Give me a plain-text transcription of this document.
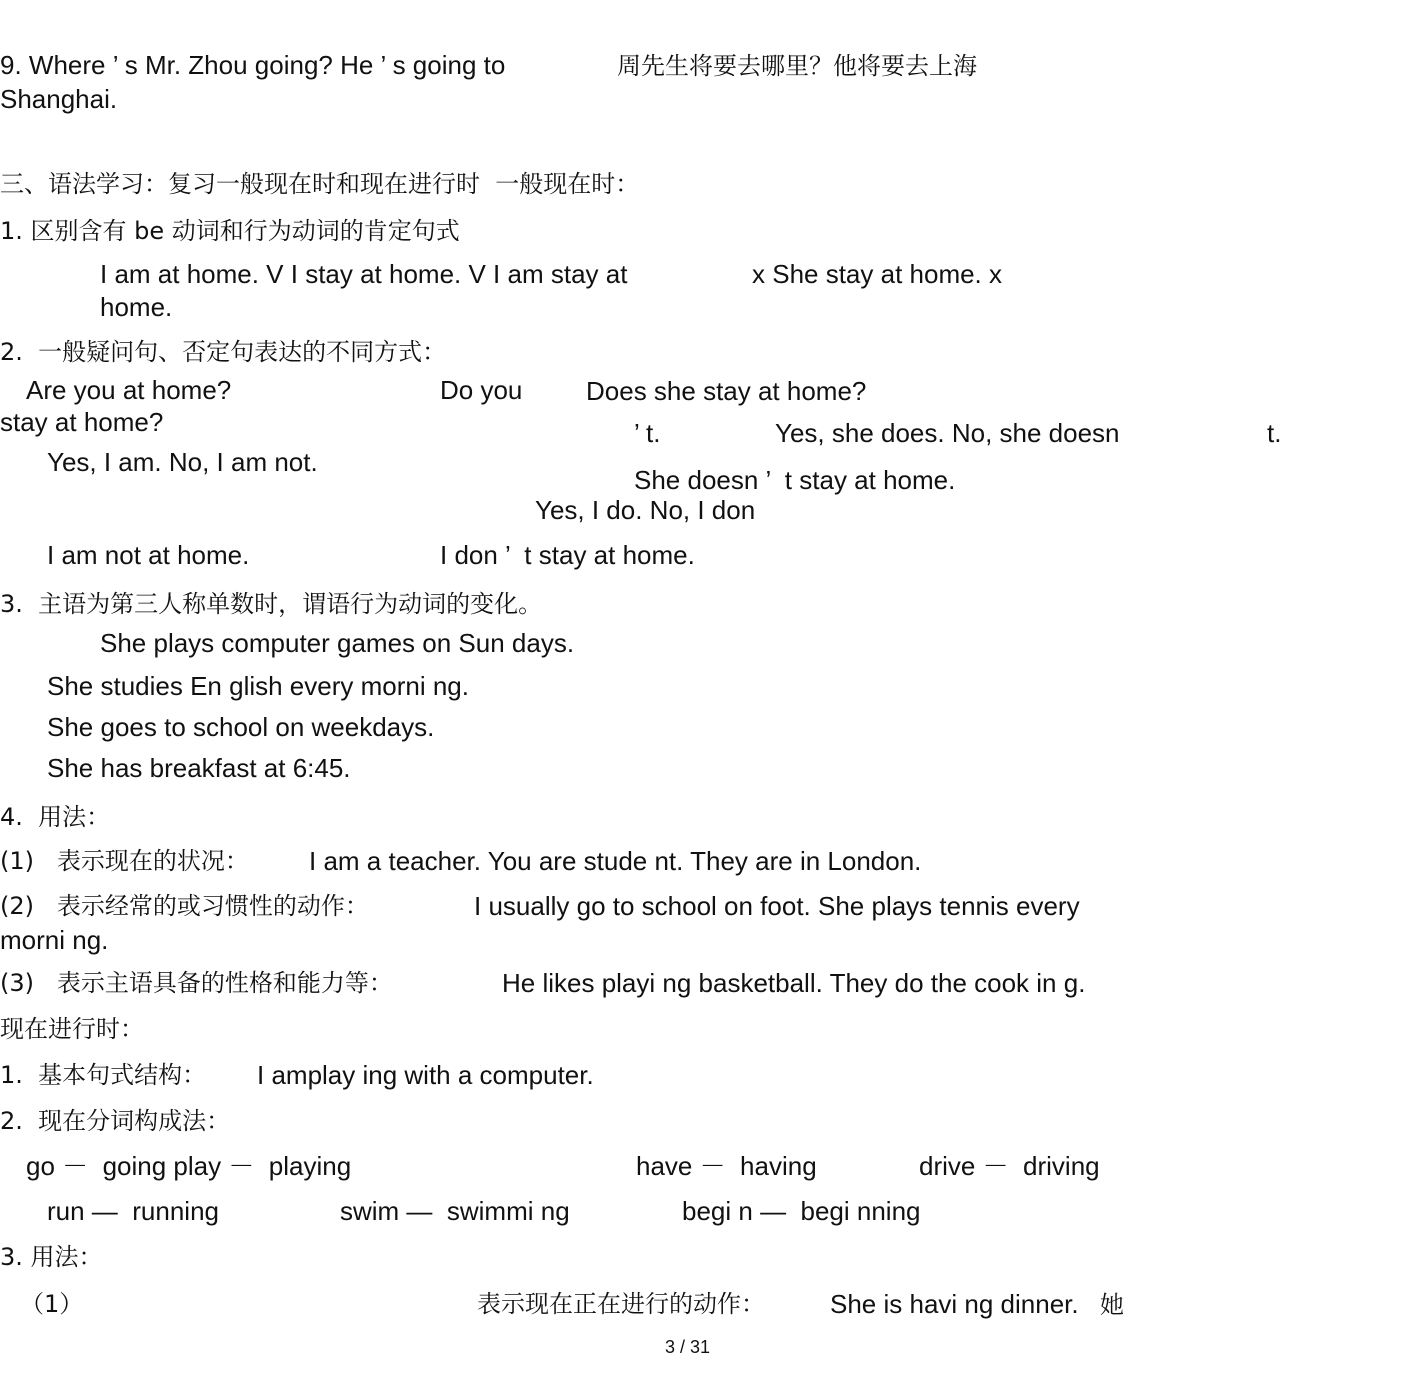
9. Where ’ s Mr. Zhou going? He ’ s going to	周先生将要去哪里？他将要去上海
Shanghai.
三、语法学习：复习一般现在时和现在进行时  一般现在时：
1. 区别含有 be 动词和行为动词的肯定句式
I am at home. V I stay at home. V I am stay at	x She stay at home. x
home.
2.  一般疑问句、否定句表达的不同方式：
Are you at home?	Do you Does she stay at home?
stay at home?	’ t.	Yes, she does. No, she doesn	t.
Yes, I am. No, I am not.
She doesn ’  t stay at home.
Yes, I do. No, I don
I am not at home.	I don ’  t stay at home.
3.  主语为第三人称单数时，谓语行为动词的变化。
She plays computer games on Sun days.
She studies En glish every morni ng.
She goes to school on weekdays.
She has breakfast at 6:45.
4.  用法：
(1)   表示现在的状况： I am a teacher. You are stude nt. They are in London.
(2)   表示经常的或习惯性的动作：	I usually go to school on foot. She plays tennis every
morni ng.
(3)   表示主语具备的性格和能力等：	He likes playi ng basketball. They do the cook in g.
现在进行时：
1.  基本句式结构： I amplay ing with a computer.
2.  现在分词构成法：
go －  going play －  playing	have －  having	drive －  driving
run —  running	swim —  swimmi ng	begi n —  begi nning
3. 用法：
（1）	表示现在正在进行的动作：	She is havi ng dinner. 她
3 / 31
